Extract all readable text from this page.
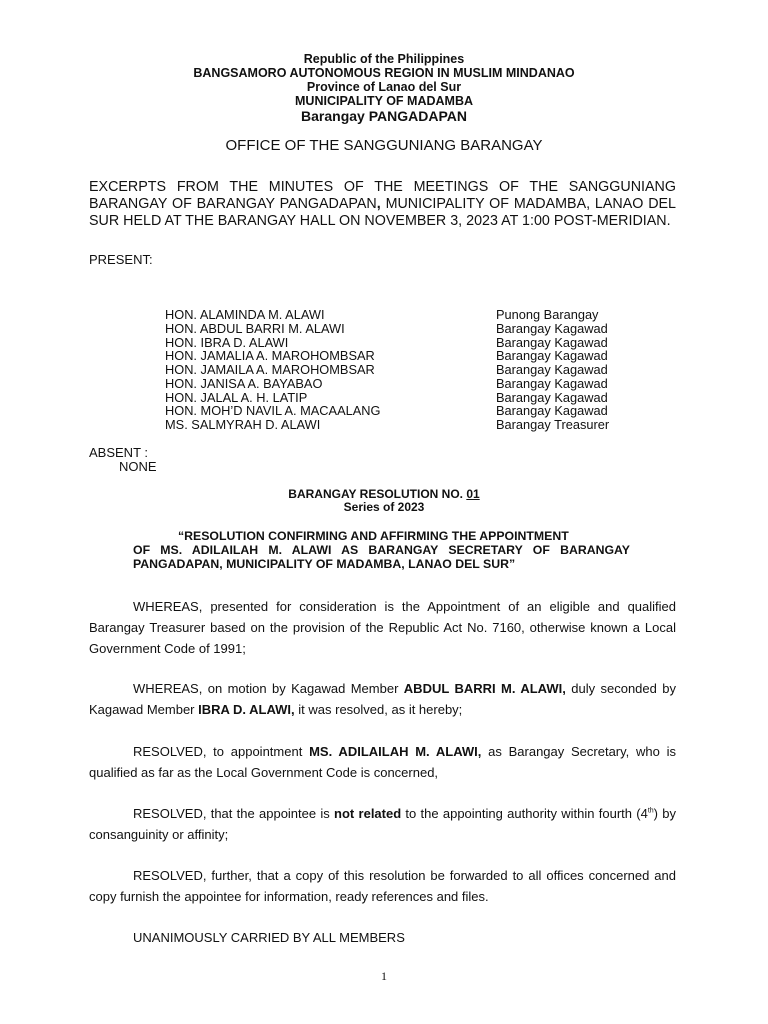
Republic of the Philippines
BANGSAMORO AUTONOMOUS REGION IN MUSLIM MINDANAO
Province of Lanao del Sur
MUNICIPALITY OF MADAMBA
Barangay PANGADAPAN
OFFICE OF THE SANGGUNIANG BARANGAY
EXCERPTS FROM THE MINUTES OF THE MEETINGS OF THE SANGGUNIANG BARANGAY OF BARANGAY PANGADAPAN, MUNICIPALITY OF MADAMBA, LANAO DEL SUR HELD AT THE BARANGAY HALL ON NOVEMBER 3, 2023 AT 1:00 POST-MERIDIAN.
PRESENT:
HON. ALAMINDA M. ALAWI	Punong Barangay
HON. ABDUL BARRI M. ALAWI	Barangay Kagawad
HON. IBRA D. ALAWI	Barangay Kagawad
HON. JAMALIA A. MAROHOMBSAR	Barangay Kagawad
HON. JAMAILA A. MAROHOMBSAR	Barangay Kagawad
HON. JANISA A. BAYABAO	Barangay Kagawad
HON. JALAL A. H. LATIP	Barangay Kagawad
HON. MOH’D NAVIL A. MACAALANG	Barangay Kagawad
MS. SALMYRAH D. ALAWI	Barangay Treasurer
ABSENT :
NONE
BARANGAY RESOLUTION NO. 01
Series of 2023
“RESOLUTION CONFIRMING AND AFFIRMING THE APPOINTMENT
OF MS. ADILAILAH M. ALAWI AS BARANGAY SECRETARY OF BARANGAY PANGADAPAN, MUNICIPALITY OF MADAMBA, LANAO DEL SUR”
WHEREAS, presented for consideration is the Appointment of an eligible and qualified Barangay Treasurer based on the provision of the Republic Act No. 7160, otherwise known a Local Government Code of 1991;
WHEREAS, on motion by Kagawad Member ABDUL BARRI M. ALAWI, duly seconded by Kagawad Member IBRA D. ALAWI, it was resolved, as it hereby;
RESOLVED, to appointment MS. ADILAILAH M. ALAWI, as Barangay Secretary, who is qualified as far as the Local Government Code is concerned,
RESOLVED, that the appointee is not related to the appointing authority within fourth (4th) by consanguinity or affinity;
RESOLVED, further, that a copy of this resolution be forwarded to all offices concerned and copy furnish the appointee for information, ready references and files.
UNANIMOUSLY CARRIED BY ALL MEMBERS
1
